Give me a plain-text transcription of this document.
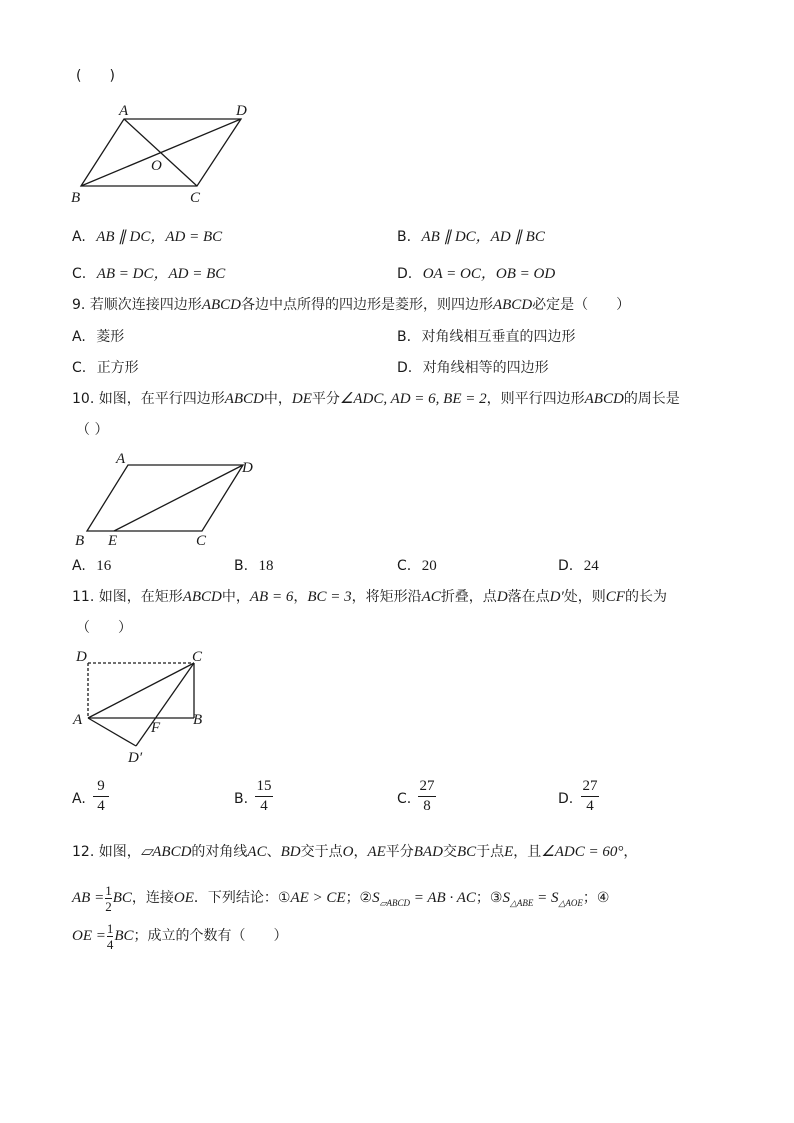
(　　)
A	D
B	C
O
A. AB ∥ DC，AD = BC	B. AB ∥ DC，AD ∥ BC
C. AB = DC，AD = BC	D. OA = OC，OB = OD
9. 若顺次连接四边形ABCD各边中点所得的四边形是菱形，则四边形ABCD必定是（　　）
A. 菱形	B. 对角线相互垂直的四边形
C. 正方形	D. 对角线相等的四边形
10. 如图，在平行四边形ABCD中，DE平分∠ADC, AD = 6, BE = 2，则平行四边形ABCD的周长是
（ ）
A
D
B E	C
A. 16	B. 18	C. 20	D. 24
11. 如图，在矩形ABCD中，AB = 6，BC = 3，将矩形沿AC折叠，点D落在点D′处，则CF的长为
（　　）
D	C
A	B
F
D′
A.
9
4	B.
15
4	C.
27
8	D.
27
4
12. 如图，▱ABCD的对角线AC、BD交于点O，AE平分BAD交BC于点E，且∠ADC = 60°，
AB = $\frac{1}{2}$ BC，连接OE．下列结论：①AE > CE；$②S_{▱ABCD}$ = AB · AC；$③S_{\triangle ABE} = S_{\triangle AOE}$；④
OE = $\frac{1}{4}$ BC；成立的个数有（　　）
